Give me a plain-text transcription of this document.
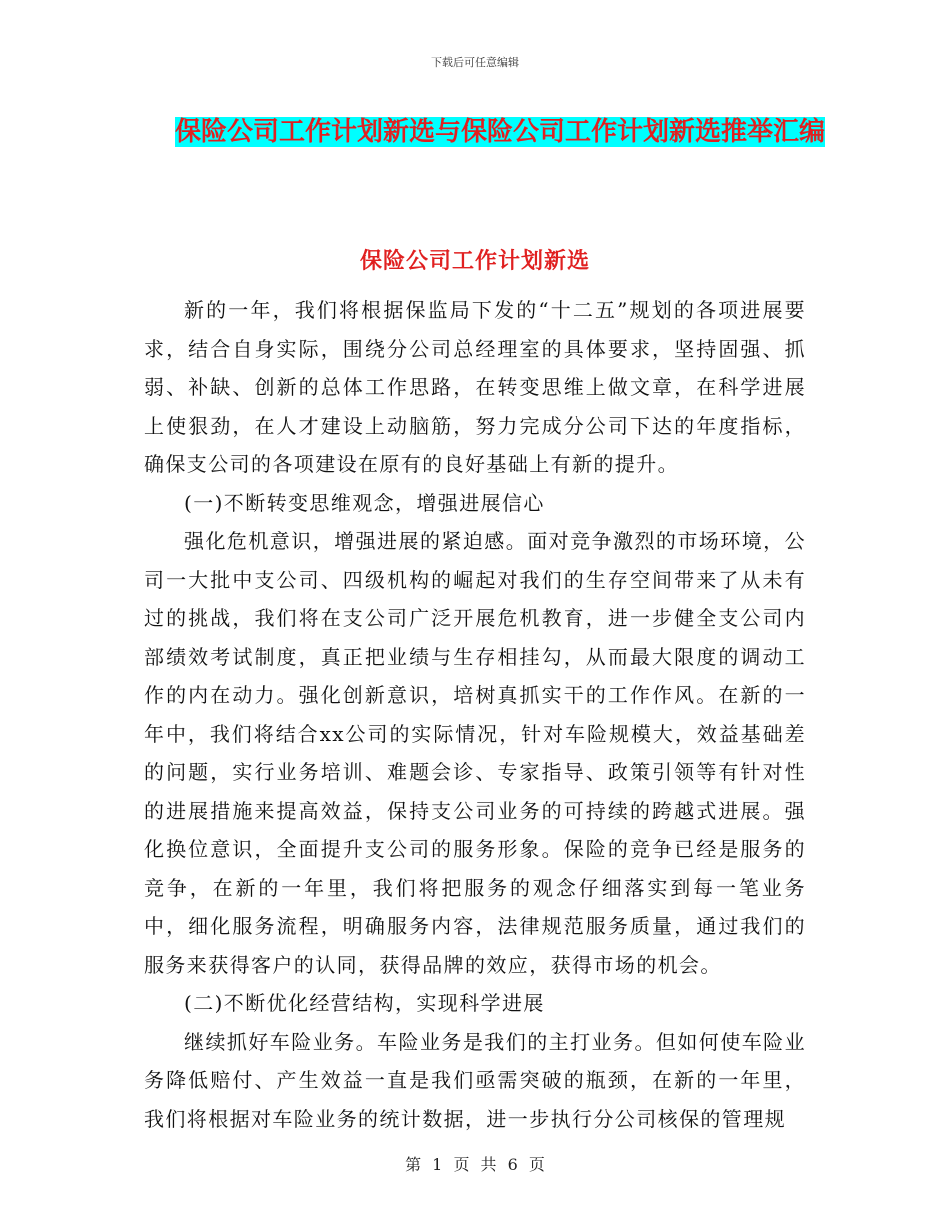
下载后可任意编辑
保险公司工作计划新选与保险公司工作计划新选推举汇编
保险公司工作计划新选

新的一年，我们将根据保监局下发的“十二五”规划的各项进展要求，结合自身实际，围绕分公司总经理室的具体要求，坚持固强、抓弱、补缺、创新的总体工作思路，在转变思维上做文章，在科学进展上使狠劲，在人才建设上动脑筋，努力完成分公司下达的年度指标，确保支公司的各项建设在原有的良好基础上有新的提升。

(一)不断转变思维观念，增强进展信心

强化危机意识，增强进展的紧迫感。面对竞争激烈的市场环境，公司一大批中支公司、四级机构的崛起对我们的生存空间带来了从未有过的挑战，我们将在支公司广泛开展危机教育，进一步健全支公司内部绩效考试制度，真正把业绩与生存相挂勾，从而最大限度的调动工作的内在动力。强化创新意识，培树真抓实干的工作作风。在新的一年中，我们将结合xx公司的实际情况，针对车险规模大，效益基础差的问题，实行业务培训、难题会诊、专家指导、政策引领等有针对性的进展措施来提高效益，保持支公司业务的可持续的跨越式进展。强化换位意识，全面提升支公司的服务形象。保险的竞争已经是服务的竞争，在新的一年里，我们将把服务的观念仔细落实到每一笔业务中，细化服务流程，明确服务内容，法律规范服务质量，通过我们的服务来获得客户的认同，获得品牌的效应，获得市场的机会。

(二)不断优化经营结构，实现科学进展

继续抓好车险业务。车险业务是我们的主打业务。但如何使车险业务降低赔付、产生效益一直是我们亟需突破的瓶颈，在新的一年里，我们将根据对车险业务的统计数据，进一步执行分公司核保的管理规

第 1 页 共 6 页
